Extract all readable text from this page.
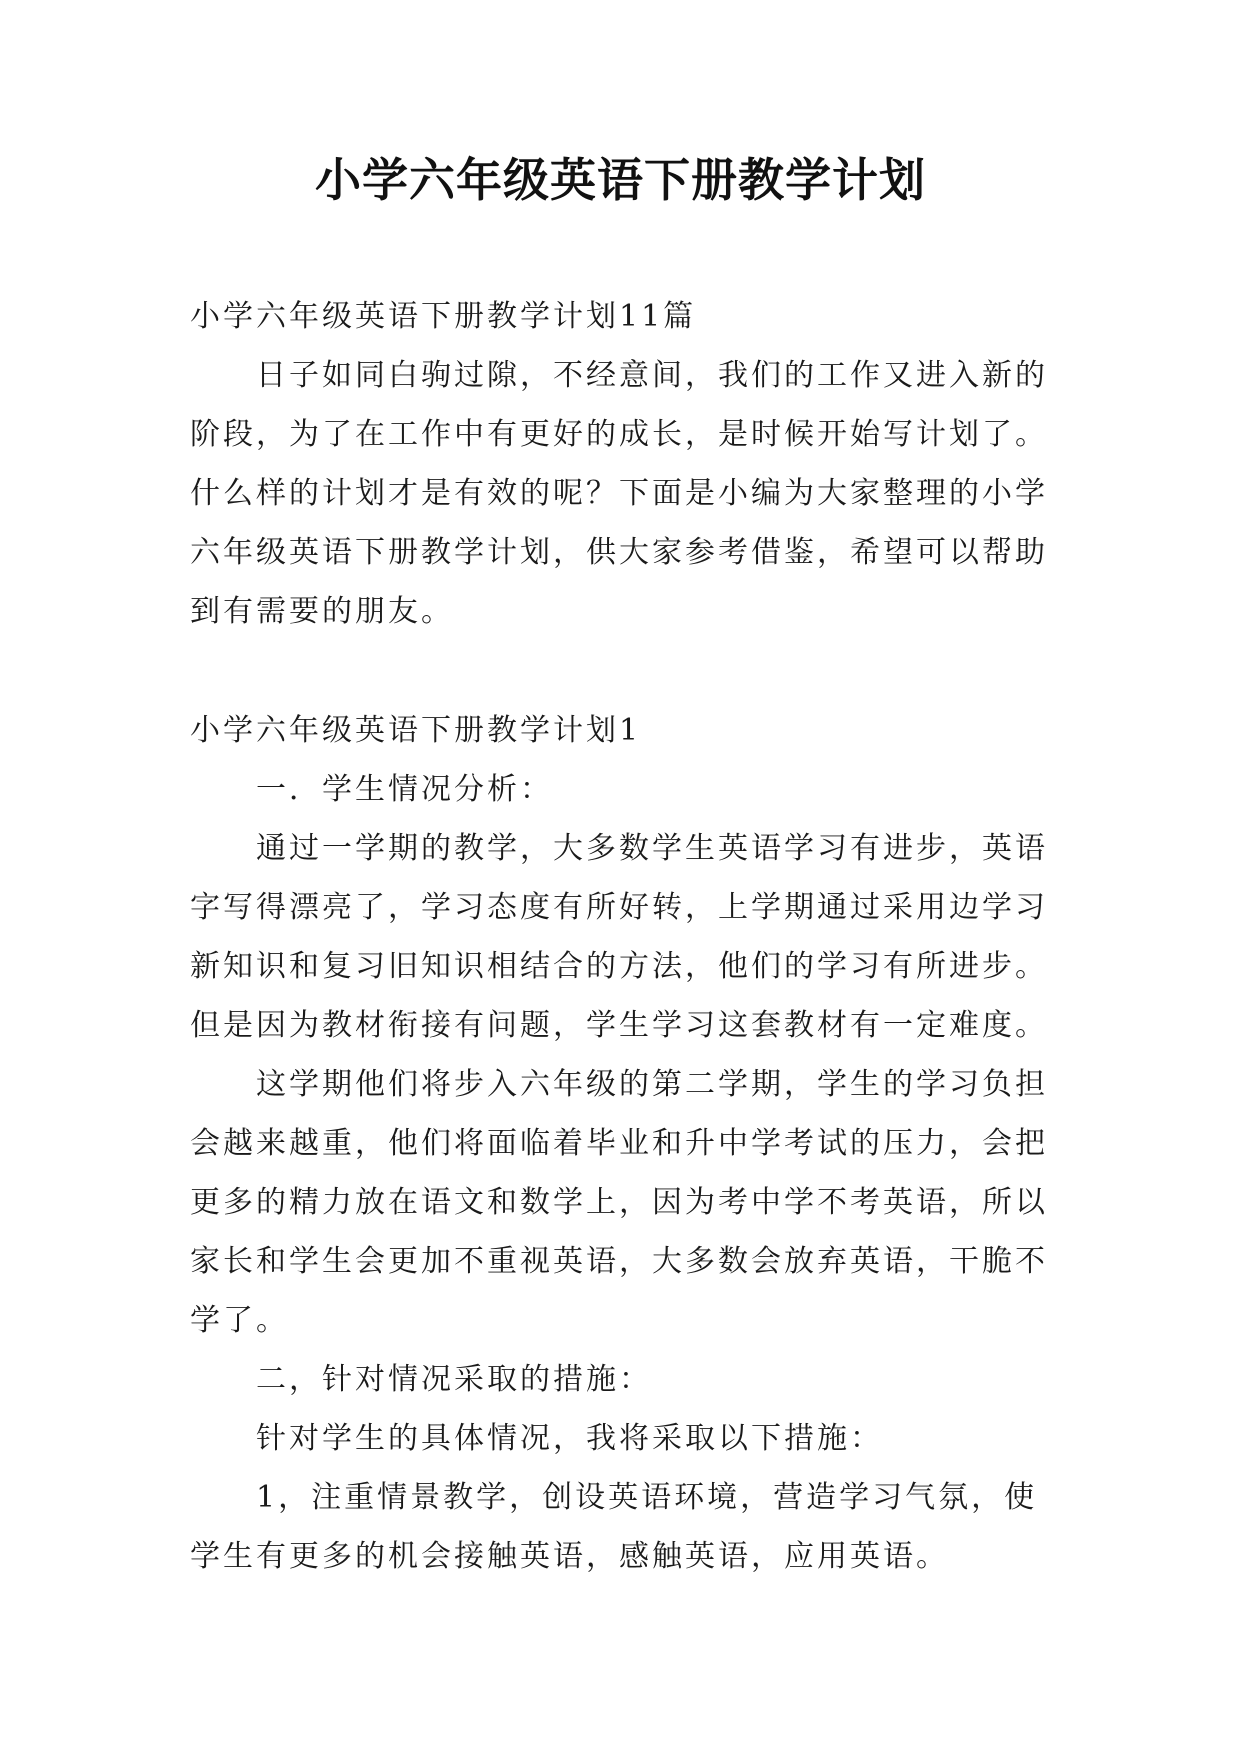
小学六年级英语下册教学计划

小学六年级英语下册教学计划11篇

日子如同白驹过隙，不经意间，我们的工作又进入新的阶段，为了在工作中有更好的成长，是时候开始写计划了。什么样的计划才是有效的呢？下面是小编为大家整理的小学六年级英语下册教学计划，供大家参考借鉴，希望可以帮助到有需要的朋友。

小学六年级英语下册教学计划1

一．学生情况分析：

通过一学期的教学，大多数学生英语学习有进步，英语字写得漂亮了，学习态度有所好转，上学期通过采用边学习新知识和复习旧知识相结合的方法，他们的学习有所进步。但是因为教材衔接有问题，学生学习这套教材有一定难度。

这学期他们将步入六年级的第二学期，学生的学习负担会越来越重，他们将面临着毕业和升中学考试的压力，会把更多的精力放在语文和数学上，因为考中学不考英语，所以家长和学生会更加不重视英语，大多数会放弃英语，干脆不学了。

二，针对情况采取的措施：

针对学生的具体情况，我将采取以下措施：

1，注重情景教学，创设英语环境，营造学习气氛，使学生有更多的机会接触英语，感触英语，应用英语。
